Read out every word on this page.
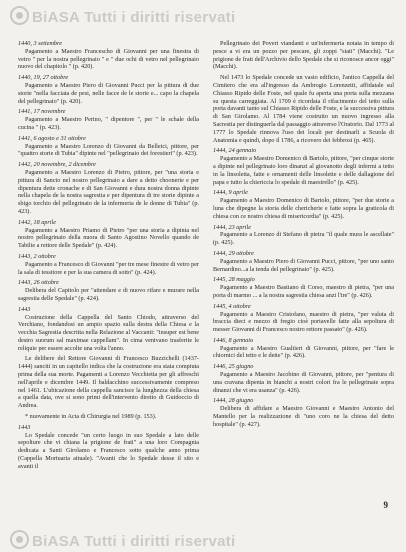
BiASA Tutti i diritti riservati

1440, 3 settembre

Pagamento a Maestro Francescho di Giovanni per una finestra di vetro " per la nostra pellegrinaio " e " due ochi di vetro nel pellegrinaio nuovo del chapitolo " (p. 420).

1440, 19, 27 ottobre

Pagamento a Maestro Piero di Giovanni Pucci per la pittura di due storie "nella facciata de pesi, nelle facce de le storie e... capo la chapela del pellegrinaio" (p. 420).

1441, 17 novembre

Pagamento a Maestro Perino, " dipentore ", per " le schale della cucina " (p. 423).

1441, 6 agosto e 31 ottobre

Pagamento a Maestro Lorenzo di Giovanni da Belleici, pittore, per "quattro storie di Tubia" dipinte nel "pellegrinaio dei forestieri" (p. 423).

1442, 20 novembre, 2 dicembre

Pagamento a Maestro Lorenzo di Pietro, pittore, per "una storia e pittura di Sancto nel nostro pellegrinaio a dare a detto choonerie e per dipentura dette cronache e di San Giovanni e dura nostra donna dipinte nella chapela de la nostra sagrestia e per dipentura di tre storie dipinte a sbigo torchio del pellegrinaio de la infermeria de le donne di Tubia" (p. 423).

1442, 18 aprile

Pagamento a Maestro Priamo di Pietro "per una storia a dipinta nel nostro pellegrinaio della nuora di Santo Agostino Novello quando de Tabilte a rettore delle Spedale" (p. 424).

1443, 2 ottobre

Pagamento a Francesco di Giovanni "per tre mese finestre di vetro per la sala di tessitore e per la sua camera di sotto" (p. 424).

1443, 26 ottobre

Delibera del Capitolo per "attendare e di nuovo rifare e murare nella sagrestia delle Spedale" (p. 424).

1443

Costruzione della Cappella del Santo Chiodo, attraverso del Verchiano, fondandosi un ampio spazio sulla destra della Chiesa e la vecchia Sagrestia descritta nella Relazione al Vaccanti: "insuper est bene destro suorum sal maximae cappellam". In cima venivano trasferite le reliquie per essere accolte una volta l'anno.

Le delibere del Rettore Giovanni di Francesco Buzzichelli (1437-1444) sanciti in un capitello indica che la costruzione era stata compiuta prima della sua morte. Pagamenti a Lorenzo Vecchietta per gli affreschi nell'aprile e dicembre 1449. Il baldacchino successivamente compreso nel 1461. L'ubicazione della cappella sancisce la lunghezza della chiesa a quella data, ove si sono primi dell'intervento diretto di Guidoccio di Andrea.

* nuovamente in Acta di Chirurgia nel 1989 (p. 153).

1443

Lo Spedale concede "un certo luogo in suo Spedale a lato delle sepolture che vi chiana la prigione de frati" a una loro Compagnia dedicata a Santi Girolamo e Francesco sotto qualche anno prima (Cappella Mortuaria attuale). "Avanti che lo Spedale desse il sito e avanti il

Pellegrinaio dei Poveri viandanti e un'infermeria notata in tempo di pesce a vi era un pozzo per pescare, gli zoppi "stati" (Macchi). "Le prigione de frati dell'Archivio dello Spedale che si riconosce ancor oggi" (Macchi).

Nel 1473 lo Spedale concede un vasto edificio, l'antico Cappella del Cimitero che era all'ingresso da Ambrogio Lorenzetti, affidatale sul Chiasso Ripido delle Foste, nel quale fu aperta una porta sulla mezzana su questa carreggiata. Al 1709 è ricordata il rifacimento del tetto sulla porta davanti tanto sul Chiasso Ripido delle Foste, e la successiva pittura di San Girolamo. Al 1784 viene costruito un nuovo ingresso alla Sacrestia per distinguerla dal passaggio attraverso l'Oratorio. Dal 1773 al 1777 lo Spedale rinnova l'uso dei locali per destinarli a Scuola di Anatomia e quindi, dopo il 1786, a ricovero dei febbrosi (p. 465).

1444, 24 gennaio

Pagamento a Maestro Domenico di Bartolo, pittore, "per cinque storie a dipinte nel pellegrinaio loro dinanzi al giovanotto degli infermi a tetto in la linsoletta, fatte e ornamenti delle linsolette e delle dallagione del papa e tutto la chiericcia lo spedale di maestrello" (p. 425).

1444, 9 aprile

Pagamento a Maestro Domenico di Bartolo, pittore, "per due storie a luna che dipegne la storia delle chericherie e fatte sopra la graticola di chiesa con ce nostro chiesa di misericordia" (p. 425).

1444, 23 aprile

Pagamento a Lorenzo di Stefano di pietra "il quale mura le ascellate" (p. 425).

1444, 29 ottobre

Pagamento a Maestro Piero di Giovanni Pucci, pittore, "per uno santo Bernardino...a la tenda del pellegrinaio" (p. 425).

1445, 28 maggio

Pagamento a Maestro Bastiano di Corso, maestro di pietra, "per una porta di marmo ... a la nostra sagrestia chiesa anzi l'ire" (p. 426).

1445, 4 ottobre

Pagamento a Maestro Cristofano, maestro di pietra, "per valuta di braccia dieci e mezzo di fregio cioè portavelle fatte alla sepoltura di messer Giovanni di Francesco nostro rettore passato" (p. 426).

1446, 8 gennaio

Pagamento a Maestro Gualtieri di Giovanni, pittore, per "fare le chiornici del tetto e le dette" (p. 426).

1446, 25 giugno

Pagamento a Maestro Jacobino di Giovanni, pittore, per "pentura di una cravana dipenta in bianchi a nostri colori fra le pellegrinaie sopra dinanzi che vi era usanza" (p. 426).

1444, 28 giugno

Delibera di affidare a Maestro Giovanni e Maestro Antonio del Mantello per la realizzazione di "uno coro ne la chiesa del detto hospitale" (p. 427).

9
BiASA Tutti i diritti riservati
